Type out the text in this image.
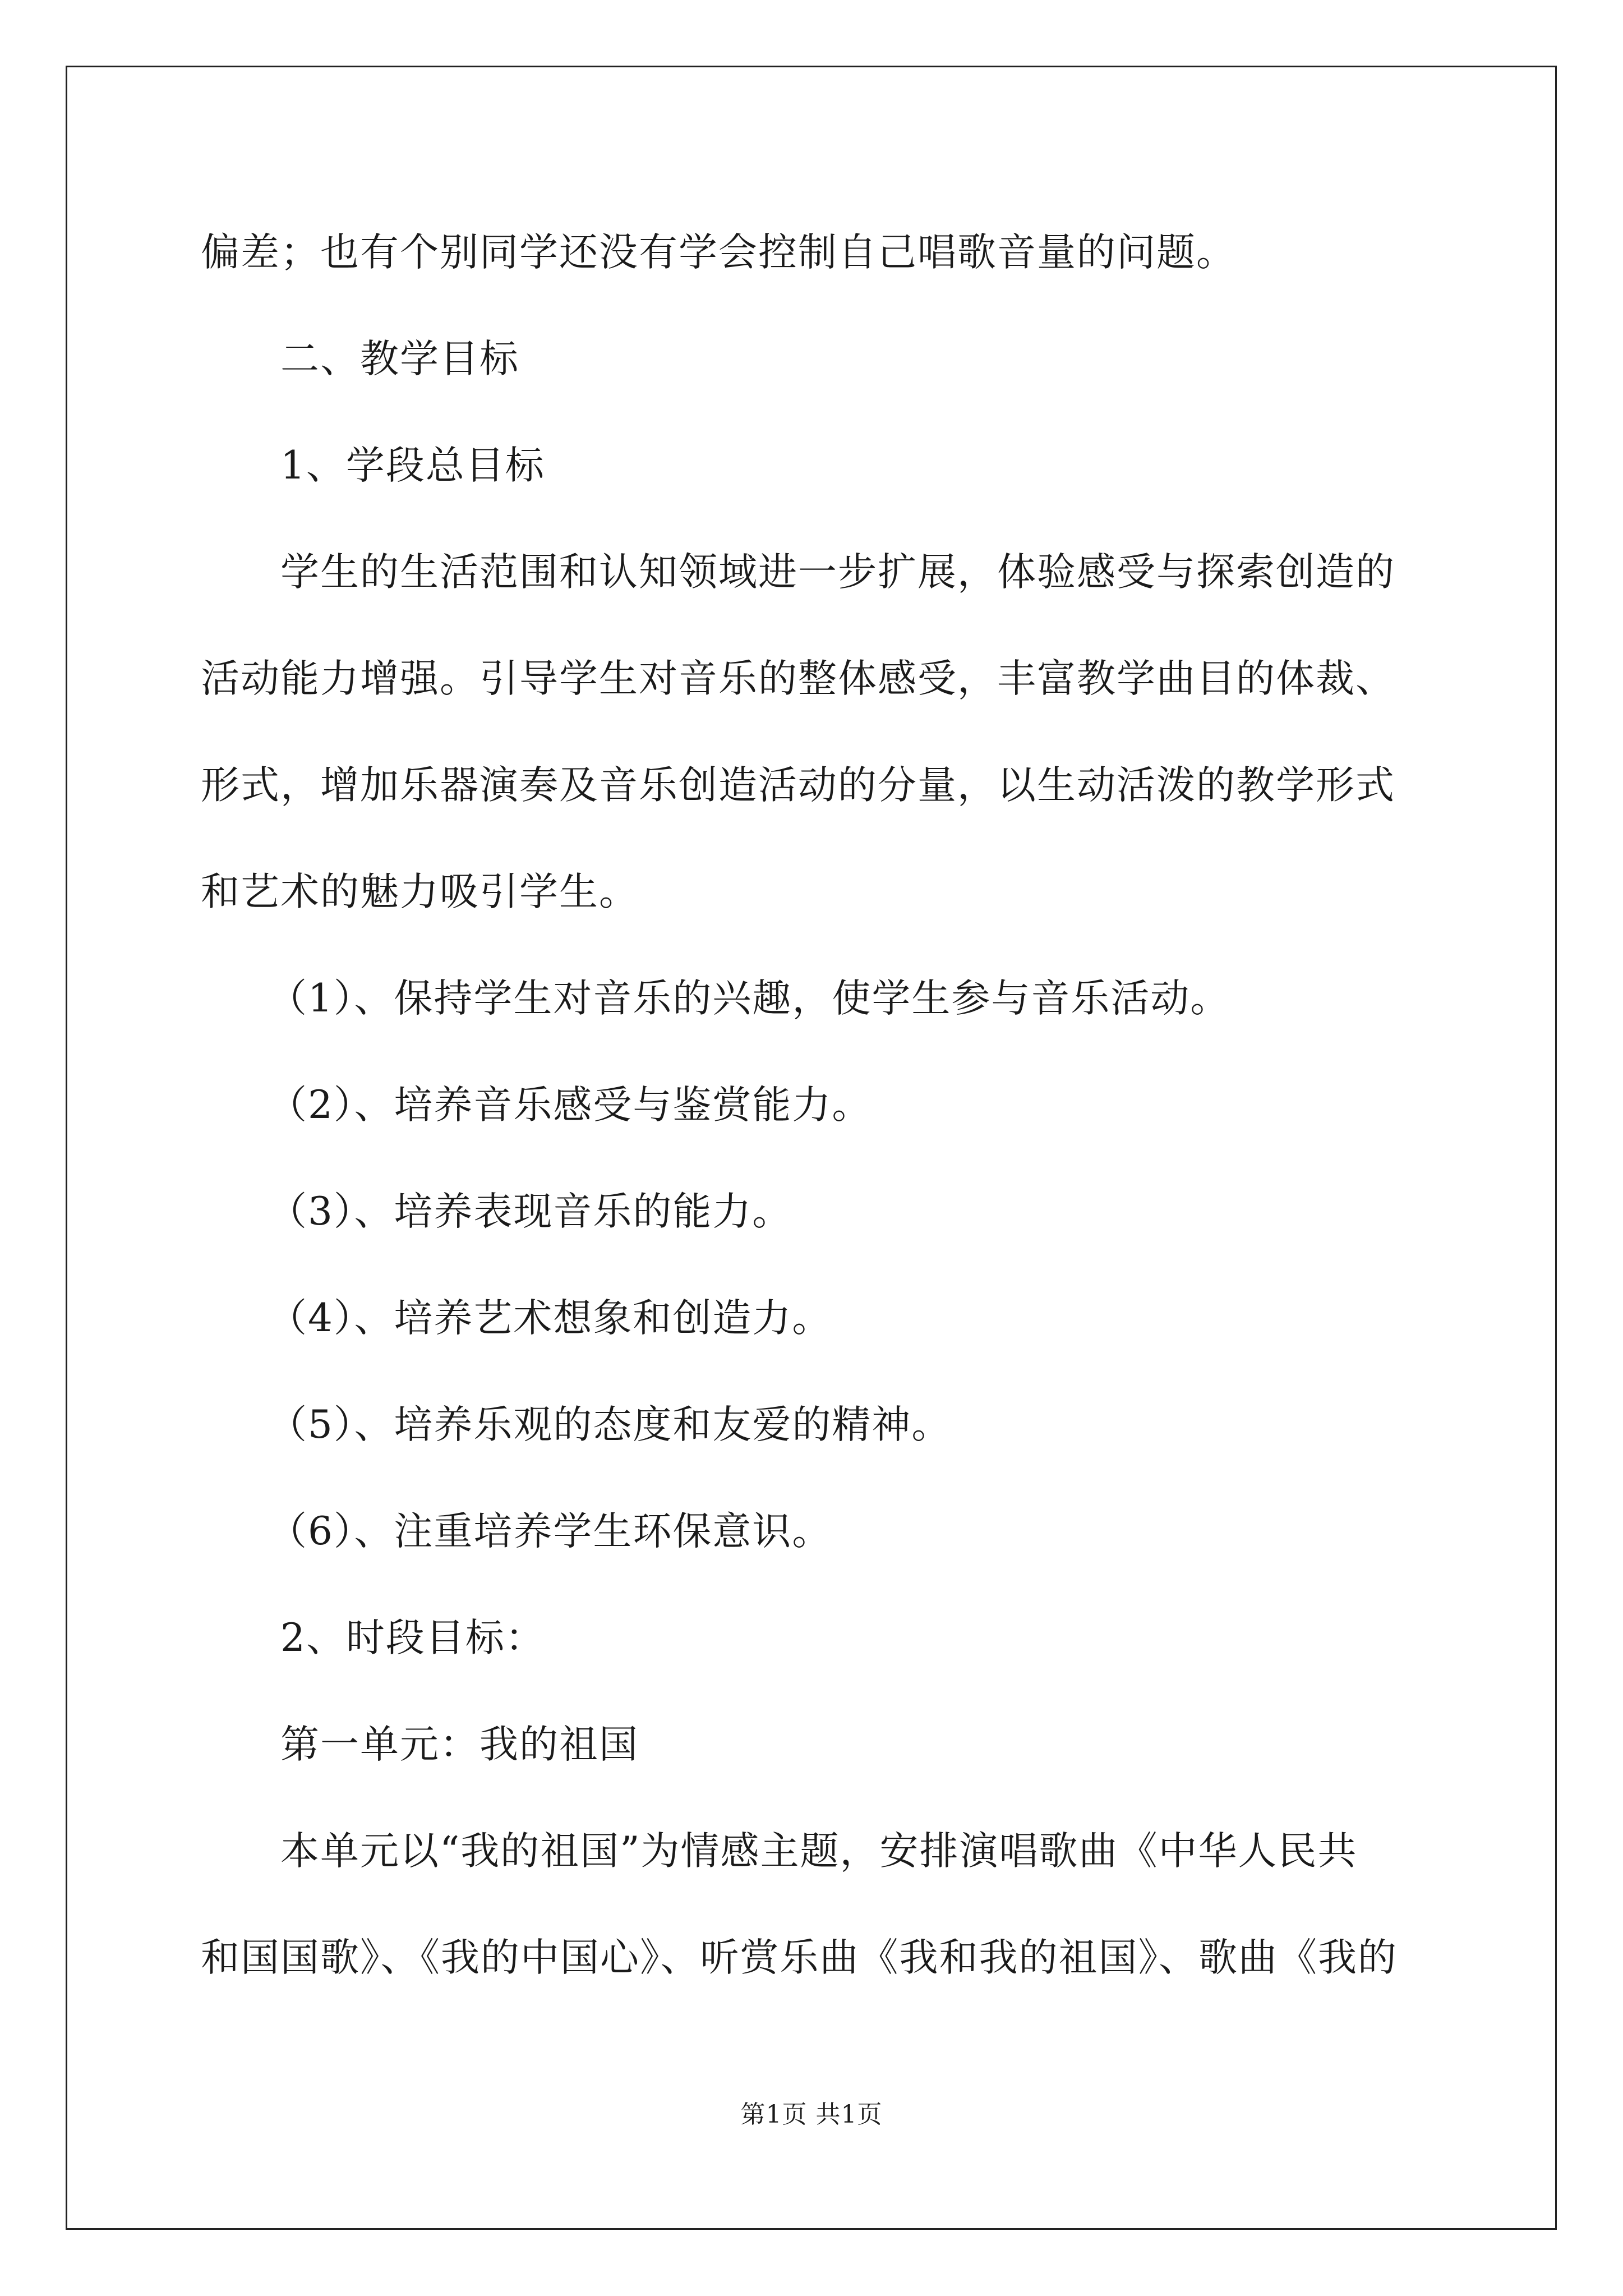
偏差；也有个别同学还没有学会控制自己唱歌音量的问题。
二、教学目标
1、学段总目标
学生的生活范围和认知领域进一步扩展，体验感受与探索创造的
活动能力增强。引导学生对音乐的整体感受，丰富教学曲目的体裁、
形式，增加乐器演奏及音乐创造活动的分量，以生动活泼的教学形式
和艺术的魅力吸引学生。
（1）、保持学生对音乐的兴趣，使学生参与音乐活动。
（2）、培养音乐感受与鉴赏能力。
（3）、培养表现音乐的能力。
（4）、培养艺术想象和创造力。
（5）、培养乐观的态度和友爱的精神。
（6）、注重培养学生环保意识。
2、时段目标：
第一单元：我的祖国
本单元以“我的祖国”为情感主题，安排演唱歌曲《中华人民共
和国国歌》、《我的中国心》、听赏乐曲《我和我的祖国》、歌曲《我的
第1页 共1页
